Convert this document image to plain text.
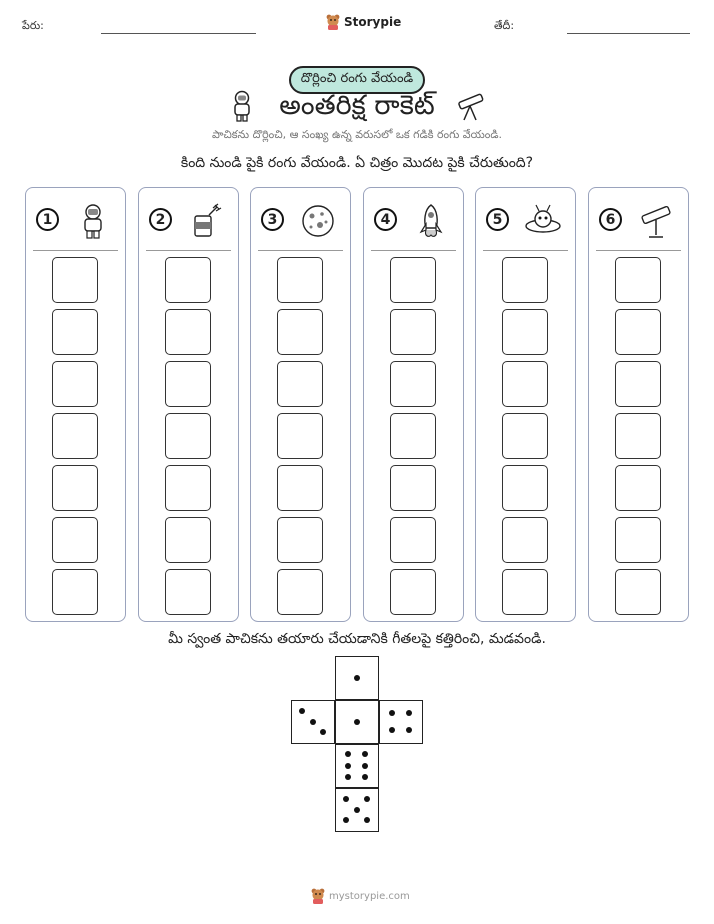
పేరు:	Storypie	తేదీ:
దొర్లించి రంగు వేయండి
అంతరిక్ష రాకెట్
పాచికను దొర్లించి, ఆ సంఖ్య ఉన్న వరుసలో ఒక గడికి రంగు వేయండి.
కింది నుండి పైకి రంగు వేయండి. ఏ చిత్రం మొదట పైకి చేరుతుంది?
1	2	3	4	5	6
మీ స్వంత పాచికను తయారు చేయడానికి గీతలపై కత్తిరించి, మడవండి.
mystorypie.com
